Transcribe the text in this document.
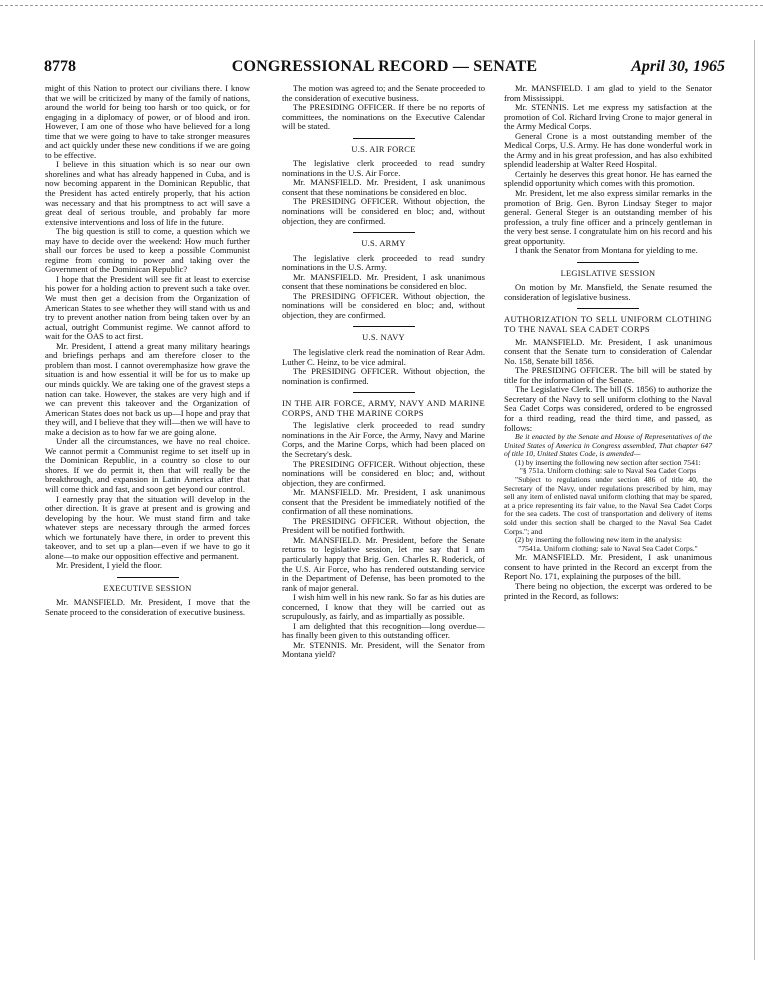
8778	CONGRESSIONAL RECORD — SENATE	April 30, 1965

might of this Nation to protect our civilians there. I know that we will be criticized by many of the family of nations, around the world for being too harsh or too quick, or for engaging in a diplomacy of power, or of blood and iron. However, I am one of those who have believed for a long time that we were going to have to take stronger measures and act quickly under these new conditions if we are going to be effective.

I believe in this situation which is so near our own shorelines and what has already happened in Cuba, and is now becoming apparent in the Dominican Republic, that the President has acted entirely properly, that his action was necessary and that his promptness to act will save a great deal of serious trouble, and probably far more extensive interventions and loss of life in the future.

The big question is still to come, a question which we may have to decide over the weekend: How much further shall our forces be used to keep a possible Communist regime from coming to power and taking over the Government of the Dominican Republic?

I hope that the President will see fit at least to exercise his power for a holding action to prevent such a take over. We must then get a decision from the Organization of American States to see whether they will stand with us and try to prevent another nation from being taken over by an actual, outright Communist regime. We cannot afford to wait for the OAS to act first.

Mr. President, I attend a great many military hearings and briefings perhaps and am therefore closer to the problem than most. I cannot overemphasize how grave the situation is and how essential it will be for us to make up our minds quickly. We are taking one of the gravest steps a nation can take. However, the stakes are very high and if we can prevent this takeover and the Organization of American States does not back us up—I hope and pray that they will, and I believe that they will—then we will have to make a decision as to how far we are going alone.

Under all the circumstances, we have no real choice. We cannot permit a Communist regime to set itself up in the Dominican Republic, in a country so close to our shores. If we do permit it, then that will really be the breakthrough, and expansion in Latin America after that will come thick and fast, and soon get beyond our control.

I earnestly pray that the situation will develop in the other direction. It is grave at present and is growing and developing by the hour. We must stand firm and take whatever steps are necessary through the armed forces which we fortunately have there, in order to prevent this takeover, and to set up a plan—even if we have to go it alone—to make our opposition effective and permanent.

Mr. President, I yield the floor.

EXECUTIVE SESSION

Mr. MANSFIELD. Mr. President, I move that the Senate proceed to the consideration of executive business.

The motion was agreed to; and the Senate proceeded to the consideration of executive business.

The PRESIDING OFFICER. If there be no reports of committees, the nominations on the Executive Calendar will be stated.

U.S. AIR FORCE

The legislative clerk proceeded to read sundry nominations in the U.S. Air Force.

Mr. MANSFIELD. Mr. President, I ask unanimous consent that these nominations be considered en bloc.

The PRESIDING OFFICER. Without objection, the nominations will be considered en bloc; and, without objection, they are confirmed.

U.S. ARMY

The legislative clerk proceeded to read sundry nominations in the U.S. Army.

Mr. MANSFIELD. Mr. President, I ask unanimous consent that these nominations be considered en bloc.

The PRESIDING OFFICER. Without objection, the nominations will be considered en bloc; and, without objection, they are confirmed.

U.S. NAVY

The legislative clerk read the nomination of Rear Adm. Luther C. Heinz, to be vice admiral.

The PRESIDING OFFICER. Without objection, the nomination is confirmed.

IN THE AIR FORCE, ARMY, NAVY AND MARINE CORPS, AND THE MARINE CORPS

The legislative clerk proceeded to read sundry nominations in the Air Force, the Army, Navy and Marine Corps, and the Marine Corps, which had been placed on the Secretary's desk.

The PRESIDING OFFICER. Without objection, these nominations will be considered en bloc; and, without objection, they are confirmed.

Mr. MANSFIELD. Mr. President, I ask unanimous consent that the President be immediately notified of the confirmation of all these nominations.

The PRESIDING OFFICER. Without objection, the President will be notified forthwith.

Mr. MANSFIELD. Mr. President, before the Senate returns to legislative session, let me say that I am particularly happy that Brig. Gen. Charles R. Roderick, of the U.S. Air Force, who has rendered outstanding service in the Department of Defense, has been promoted to the rank of major general.

I wish him well in his new rank. So far as his duties are concerned, I know that they will be carried out as scrupulously, as fairly, and as impartially as possible.

I am delighted that this recognition—long overdue—has finally been given to this outstanding officer.

Mr. STENNIS. Mr. President, will the Senator from Montana yield?

Mr. MANSFIELD. I am glad to yield to the Senator from Mississippi.

Mr. STENNIS. Let me express my satisfaction at the promotion of Col. Richard Irving Crone to major general in the Army Medical Corps.

General Crone is a most outstanding member of the Medical Corps, U.S. Army. He has done wonderful work in the Army and in his great profession, and has also exhibited splendid leadership at Walter Reed Hospital.

Certainly he deserves this great honor. He has earned the splendid opportunity which comes with this promotion.

Mr. President, let me also express similar remarks in the promotion of Brig. Gen. Byron Lindsay Steger to major general. General Steger is an outstanding member of his profession, a truly fine officer and a princely gentleman in the very best sense. I congratulate him on his record and his great opportunity.

I thank the Senator from Montana for yielding to me.

LEGISLATIVE SESSION

On motion by Mr. Mansfield, the Senate resumed the consideration of legislative business.

AUTHORIZATION TO SELL UNIFORM CLOTHING TO THE NAVAL SEA CADET CORPS

Mr. MANSFIELD. Mr. President, I ask unanimous consent that the Senate turn to consideration of Calendar No. 158, Senate bill 1856.

The PRESIDING OFFICER. The bill will be stated by title for the information of the Senate.

The Legislative Clerk. The bill (S. 1856) to authorize the Secretary of the Navy to sell uniform clothing to the Naval Sea Cadet Corps was considered, ordered to be engrossed for a third reading, read the third time, and passed, as follows:

Be it enacted by the Senate and House of Representatives of the United States of America in Congress assembled, That chapter 647 of title 10, United States Code, is amended—

(1) by inserting the following new section after section 7541:

"§ 751a. Uniform clothing: sale to Naval Sea Cadet Corps

"Subject to regulations under section 486 of title 40, the Secretary of the Navy, under regulations prescribed by him, may sell any item of enlisted naval uniform clothing that may be spared, at a price representing its fair value, to the Naval Sea Cadet Corps for the sea cadets. The cost of transportation and delivery of items sold under this section shall be charged to the Naval Sea Cadet Corps."; and

(2) by inserting the following new item in the analysis:

"7541a. Uniform clothing: sale to Naval Sea Cadet Corps."

Mr. MANSFIELD. Mr. President, I ask unanimous consent to have printed in the Record an excerpt from the Report No. 171, explaining the purposes of the bill.

There being no objection, the excerpt was ordered to be printed in the Record, as follows:
